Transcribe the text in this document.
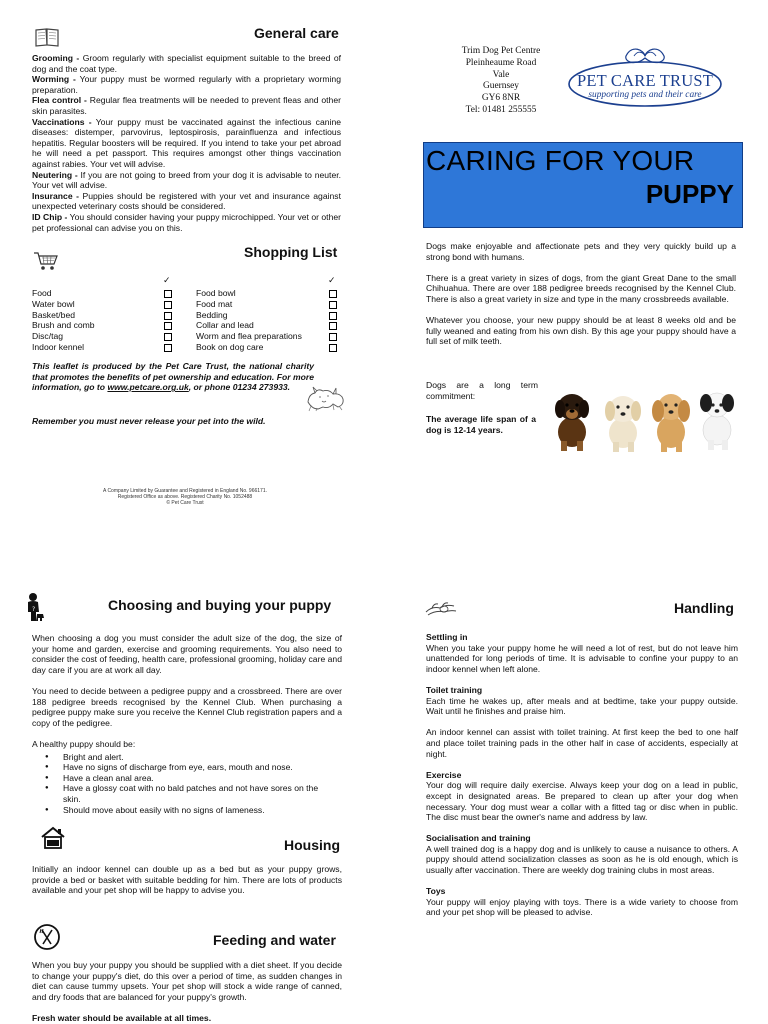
General care

Grooming - Groom regularly with specialist equipment suitable to the breed of dog and the coat type.

Worming - Your puppy must be wormed regularly with a proprietary worming preparation.

Flea control - Regular flea treatments will be needed to prevent fleas and other skin parasites.

Vaccinations - Your puppy must be vaccinated against the infectious canine diseases: distemper, parvovirus, leptospirosis, parainfluenza and infectious hepatitis. Regular boosters will be required. If you intend to take your pet abroad he will need a pet passport. This requires amongst other things vaccination against rabies. Your vet will advise.

Neutering - If you are not going to breed from your dog it is advisable to neuter. Your vet will advise.

Insurance - Puppies should be registered with your vet and insurance against unexpected veterinary costs should be considered.

ID Chip - You should consider having your puppy microchipped. Your vet or other pet professional can advise you on this.

Shopping List
✓	✓
Food	Food bowl
Water bowl	Food mat
Basket/bed	Bedding
Brush and comb	Collar and lead
Disc/tag	Worm and flea preparations
Indoor kennel	Book on dog care
This leaflet is produced by the Pet Care Trust, the national charity that promotes the benefits of pet ownership and education. For more information, go to www.petcare.org.uk, or phone 01234 273933.
Remember you must never release your pet into the wild.
A Company Limited by Guarantee and Registered in England No. 966171.
Registered Office as above. Registered Charity No. 1052488
© Pet Care Trust
Trim Dog Pet Centre
Pleinheaume Road
Vale
Guernsey
GY6 8NR
Tel: 01481 255555
PET CARE TRUST
supporting pets and their care
CARING FOR YOUR
PUPPY

Dogs make enjoyable and affectionate pets and they very quickly build up a strong bond with humans.

There is a great variety in sizes of dogs, from the giant Great Dane to the small Chihuahua. There are over 188 pedigree breeds recognised by the Kennel Club. There is also a great variety in size and type in the many crossbreeds available.

Whatever you choose, your new puppy should be at least 8 weeks old and be fully weaned and eating from his own dish. By this age your puppy should have a full set of milk teeth.

Dogs are a long term commitment:
The average life span of a dog is 12-14 years.
?	Choosing and buying your puppy

When choosing a dog you must consider the adult size of the dog, the size of your home and garden, exercise and grooming requirements. You also need to consider the cost of feeding, health care, professional grooming, holiday care and day care if you are at work all day.

You need to decide between a pedigree puppy and a crossbreed. There are over 188 pedigree breeds recognised by the Kennel Club. When purchasing a pedigree puppy make sure you receive the Kennel Club registration papers and a copy of the pedigree.

A healthy puppy should be:

● Bright and alert.
● Have no signs of discharge from eye, ears, mouth and nose.
● Have a clean anal area.
● Have a glossy coat with no bald patches and not have sores on the skin.
● Should move about easily with no signs of lameness.
Housing

Initially an indoor kennel can double up as a bed but as your puppy grows, provide a bed or basket with suitable bedding for him. There are lots of products available and your pet shop will be happy to advise you.

Feeding and water

When you buy your puppy you should be supplied with a diet sheet. If you decide to change your puppy's diet, do this over a period of time, as sudden changes in diet can cause tummy upsets. Your pet shop will stock a wide range of canned, and dry foods that are balanced for your puppy's growth.

Fresh water should be available at all times.

Handling

Settling in

When you take your puppy home he will need a lot of rest, but do not leave him unattended for long periods of time. It is advisable to confine your puppy to an indoor kennel when left alone.

Toilet training

Each time he wakes up, after meals and at bedtime, take your puppy outside. Wait until he finishes and praise him.

An indoor kennel can assist with toilet training. At first keep the bed to one half and place toilet training pads in the other half in case of accidents, especially at night.

Exercise

Your dog will require daily exercise. Always keep your dog on a lead in public, except in designated areas. Be prepared to clean up after your dog when necessary. Your dog must wear a collar with a fitted tag or disc when in public. The disc must bear the owner's name and address by law.

Socialisation and training

A well trained dog is a happy dog and is unlikely to cause a nuisance to others. A puppy should attend socialization classes as soon as he is old enough, which is usually after vaccination. There are weekly dog training clubs in most areas.

Toys

Your puppy will enjoy playing with toys. There is a wide variety to choose from and your pet shop will be pleased to advise.
